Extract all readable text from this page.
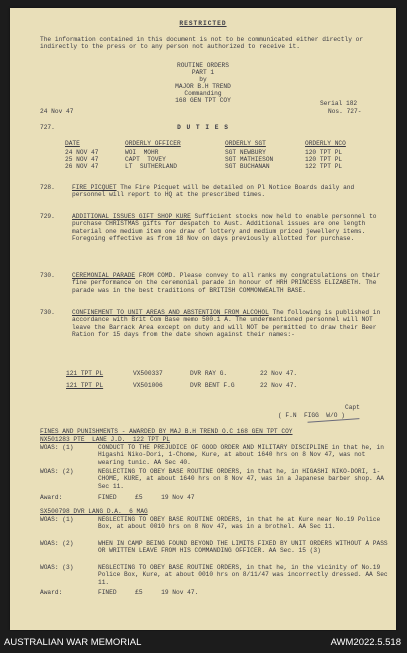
RESTRICTED
The information contained in this document is not to be communicated either directly or indirectly to the press or to any person not authorized to receive it.
ROUTINE ORDERS
PART 1
by
MAJOR B.H TREND
Commanding
168 GEN TPT COY
24 Nov 47
Serial 182
Nos. 727-
727.	D U T I E S
DATE	ORDERLY OFFICER	ORDERLY SGT	ORDERLY NCO
24 NOV 47	WOI  MOHR	SGT NEWBURY	120 TPT PL
25 NOV 47	CAPT  TOVEY	SGT MATHIESON	120 TPT PL
26 NOV 47	LT  SUTHERLAND	SGT BUCHANAN	122 TPT PL
728.	FIRE PICQUET The Fire Picquet will be detailed on Pl Notice Boards daily and personnel will report to HQ at the prescribed times.
729.	ADDITIONAL ISSUES GIFT SHOP KURE Sufficient stocks now held to enable personnel to purchase CHRISTMAS gifts for despatch to Aust. Additional issues are one length material one medium item one draw of lottery and medium priced jewellery items. Foregoing effective as from 18 Nov on days previously allotted for purchase.
730.	CEREMONIAL PARADE FROM COMD. Please convey to all ranks my congratulations on their fine performance on the ceremonial parade in honour of HRH PRINCESS ELIZABETH. The parade was in the best traditions of BRITISH COMMONWEALTH BASE.
730.	CONFINEMENT TO UNIT AREAS AND ABSTENTION FROM ALCOHOL The following is published in accordance with Brit Com Base memo 500.1 A. The undermentioned personnel will NOT leave the Barrack Area except on duty and will NOT be permitted to draw their Beer Ration for 15 days from the date shown against their names:-
121 TPT PL	VX500337	DVR RAY G.	22 Nov 47.
121 TPT PL	VX501006	DVR BENT F.G	22 Nov 47.
Capt
( F.N  FIGG  W/O )
FINES AND PUNISHMENTS - AWARDED BY MAJ B.H TREND O.C 168 GEN TPT COY
NX501283 PTE  LANE J.D.  122 TPT PL
WOAS: (1)	CONDUCT TO THE PREJUDICE OF GOOD ORDER AND MILITARY DISCIPLINE in that he, in Higashi Niko-Dori, 1-Chome, Kure, at about 1640 hrs on 8 Nov 47, was not wearing tunic. AA Sec 40.
WOAS: (2)	NEGLECTING TO OBEY BASE ROUTINE ORDERS, in that he, in HIGASHI NIKO-DORI, 1-CHOME, KURE, at about 1640 hrs on 8 Nov 47, was in a Japanese barber shop. AA Sec 11.
Award:	FINED     £5     19 Nov 47
SX500798 DVR LANG D.A.  6 MAG
WOAS: (1)	NEGLECTING TO OBEY BASE ROUTINE ORDERS, in that he at Kure near No.19 Police Box, at about 0010 hrs on 8 Nov 47, was in a brothel. AA Sec 11.
WOAS: (2)	WHEN IN CAMP BEING FOUND BEYOND THE LIMITS FIXED BY UNIT ORDERS WITHOUT A PASS OR WRITTEN LEAVE FROM HIS COMMANDING OFFICER. AA Sec. 15 (3)
WOAS: (3)	NEGLECTING TO OBEY BASE ROUTINE ORDERS, in that he, in the vicinity of No.19 Police Box, Kure, at about 0010 hrs on 8/11/47 was incorrectly dressed. AA Sec 11.
Award:	FINED     £5     19 Nov 47.
AUSTRALIAN WAR MEMORIAL	AWM2022.5.518
